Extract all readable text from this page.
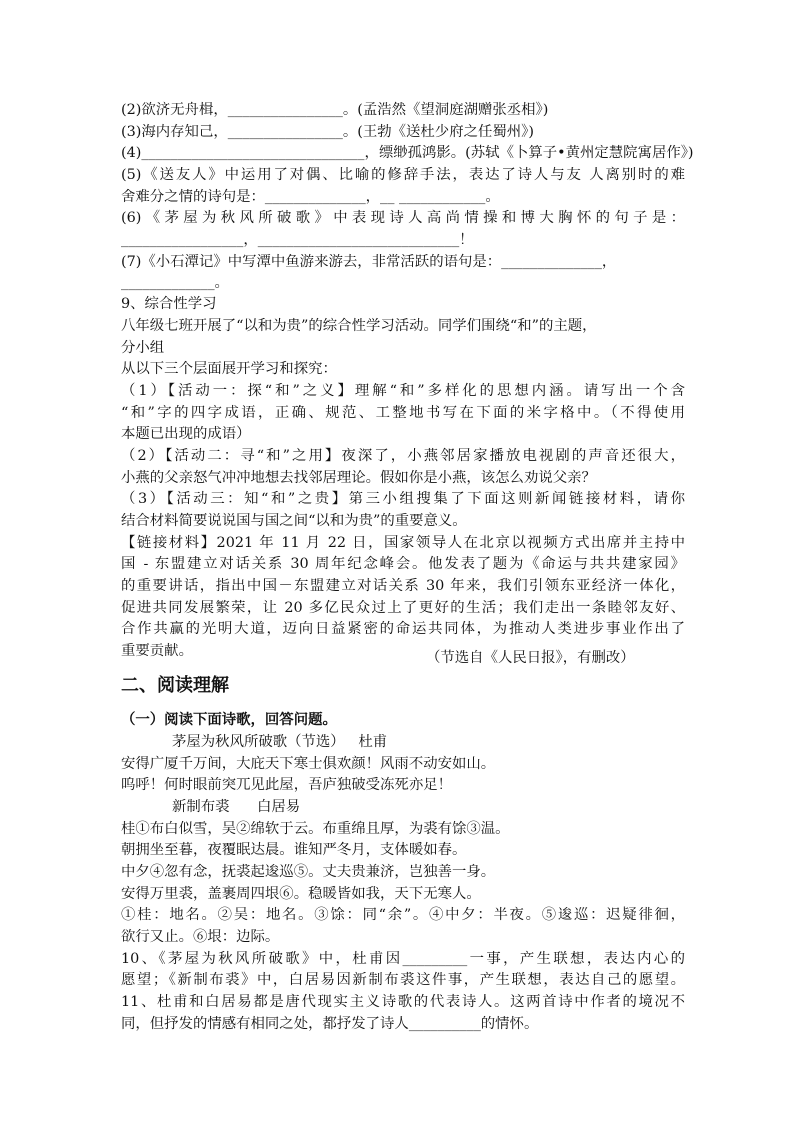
(2)欲济无舟楫，________________。(孟浩然《望洞庭湖赠张丞相》)
(3)海内存知己，________________。(王勃《送杜少府之任蜀州》)
(4)_______________________________，缥缈孤鸿影。(苏轼《卜算子•黄州定慧院寓居作》)
(5)《送友人》中运用了对偶、比喻的修辞手法，表达了诗人与友 人离别时的难
舍难分之情的诗句是：______________，__ ____________。
(6)《茅屋为秋风所破歌》中表现诗人高尚情操和博大胸怀的句子是：
_________________，____________________________！
(7)《小石潭记》中写潭中鱼游来游去，非常活跃的语句是：______________，
_____________。
9、综合性学习
八年级七班开展了“以和为贵”的综合性学习活动。同学们围绕“和”的主题，
分小组
从以下三个层面展开学习和探究：
（1）【活动一：探“和”之义】理解“和”多样化的思想内涵。请写出一个含
“和”字的四字成语，正确、规范、工整地书写在下面的米字格中。（不得使用
本题已出现的成语）
（2）【活动二：寻“和”之用】夜深了，小燕邻居家播放电视剧的声音还很大，
小燕的父亲怒气冲冲地想去找邻居理论。假如你是小燕，该怎么劝说父亲？
（3）【活动三：知“和”之贵】第三小组搜集了下面这则新闻链接材料，请你
结合材料简要说说国与国之间“以和为贵”的重要意义。
【链接材料】2021 年 11 月 22 日，国家领导人在北京以视频方式出席并主持中
国 - 东盟建立对话关系 30 周年纪念峰会。他发表了题为《命运与共共建家园》
的重要讲话，指出中国－东盟建立对话关系 30 年来，我们引领东亚经济一体化，
促进共同发展繁荣，让 20 多亿民众过上了更好的生活；我们走出一条睦邻友好、
合作共赢的光明大道，迈向日益紧密的命运共同体，为推动人类进步事业作出了
重要贡献。	（节选自《人民日报》，有删改）
二、阅读理解
（一）阅读下面诗歌，回答问题。
茅屋为秋风所破歌（节选）   杜甫
安得广厦千万间，大庇天下寒士俱欢颜！风雨不动安如山。
呜呼！何时眼前突兀见此屋，吾庐独破受冻死亦足！
新制布裘      白居易
桂①布白似雪，吴②绵软于云。布重绵且厚，为裘有馀③温。
朝拥坐至暮，夜覆眠达晨。谁知严冬月，支体暖如春。
中夕④忽有念，抚裘起逡巡⑤。丈夫贵兼济，岂独善一身。
安得万里裘，盖裹周四垠⑥。稳暖皆如我，天下无寒人。
①桂：地名。②吴：地名。③馀：同“余”。④中夕：半夜。⑤逡巡：迟疑徘徊，
欲行又止。⑥垠：边际。
10、《茅屋为秋风所破歌》中，杜甫因_________一事，产生联想，表达内心的
愿望；《新制布裘》中，白居易因新制布裘这件事，产生联想，表达自己的愿望。
11、杜甫和白居易都是唐代现实主义诗歌的代表诗人。这两首诗中作者的境况不
同，但抒发的情感有相同之处，都抒发了诗人__________的情怀。
